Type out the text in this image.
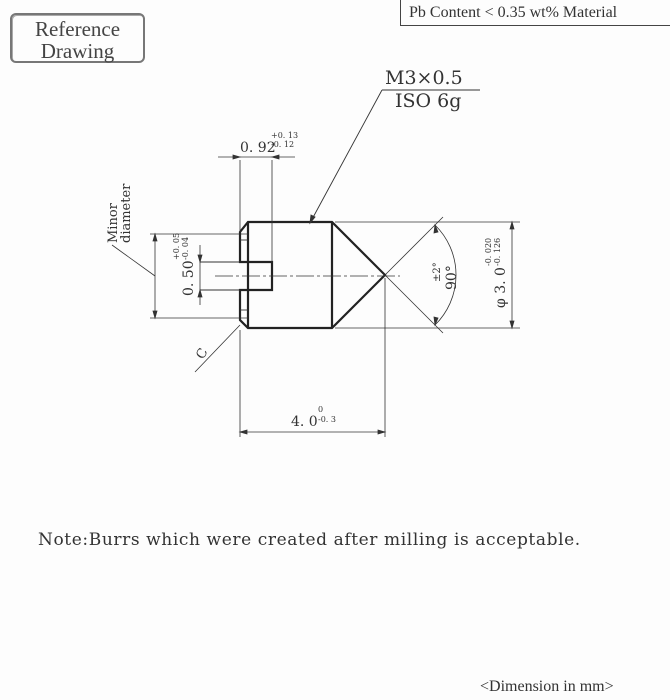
Reference
Drawing
Pb Content < 0.35 wt% Material
M3×0.5
ISO 6g
0. 92
+0. 13
-0. 12
Minor
diameter
0. 50
+0. 05 -0. 04
C
90°
±2°	φ 3. 0
-0. 020 -0. 126
4. 0
0
-0. 3
Note:Burrs which were created after milling is acceptable.
<Dimension in mm>
